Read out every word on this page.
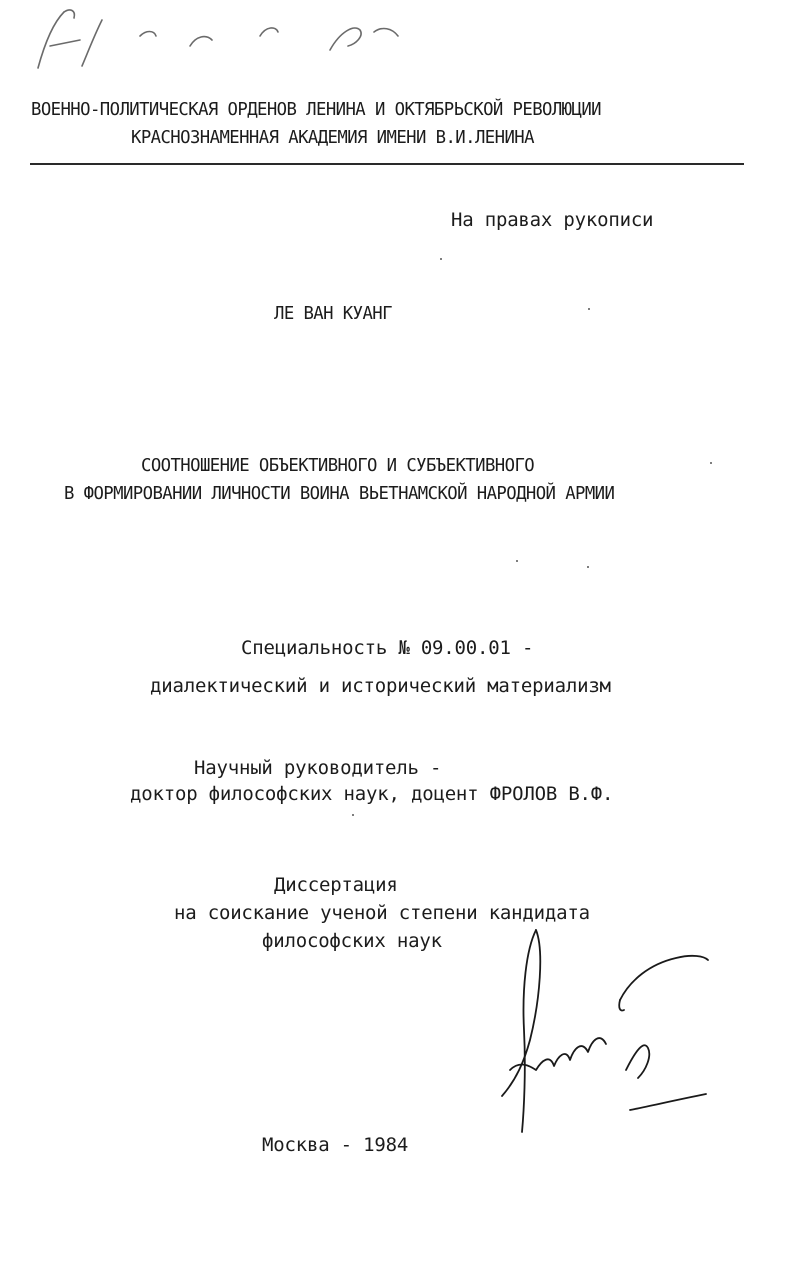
ВОЕННО-ПОЛИТИЧЕСКАЯ ОРДЕНОВ ЛЕНИНА И ОКТЯБРЬСКОЙ РЕВОЛЮЦИИ
КРАСНОЗНАМЕННАЯ АКАДЕМИЯ ИМЕНИ В.И.ЛЕНИНА
На правах рукописи
ЛЕ ВАН КУАНГ
СООТНОШЕНИЕ ОБЪЕКТИВНОГО И СУБЪЕКТИВНОГО
В ФОРМИРОВАНИИ ЛИЧНОСТИ ВОИНА ВЬЕТНАМСКОЙ НАРОДНОЙ АРМИИ
Специальность № 09.00.01 -
диалектический и исторический материализм
Научный руководитель -
доктор философских наук, доцент ФРОЛОВ В.Ф.
Диссертация
на соискание ученой степени кандидата
философских наук
Москва - 1984
